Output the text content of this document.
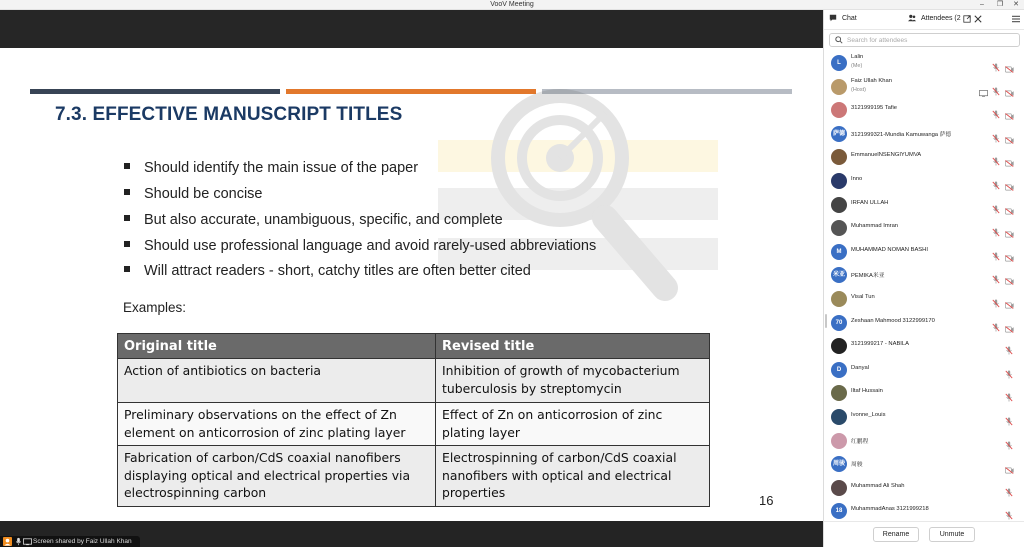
VooV Meeting	–	❐	✕
7.3. EFFECTIVE MANUSCRIPT TITLES
Should identify the main issue of the paper
Should be concise
But also accurate, unambiguous, specific, and complete
Should use professional language and avoid rarely-used abbreviations
Will attract readers - short, catchy titles are often better cited
Examples:
Original title	Revised title
Action of antibiotics on bacteria	Inhibition of growth of mycobacterium tuberculosis by streptomycin
Preliminary observations on the effect of Zn element on anticorrosion of zinc plating layer	Effect of Zn on anticorrosion of zinc plating layer
Fabrication of carbon/CdS coaxial nanofibers displaying optical and electrical properties via electrospinning carbon	Electrospinning of carbon/CdS coaxial nanofibers with optical and electrical properties
16
Screen shared by Faiz Ullah Khan
Chat	Attendees (2
Search for attendees
L
Lalin
(Me)
Faiz Ullah Khan
(Host)
3121999195 Tafie
萨德	3121999321-Mundia Kamuwanga 萨德
EmmanuelNSENGIYUMVA
Inno
IRFAN ULLAH
Muhammad Imran
M	MUHAMMAD NOMAN BASHI
米亚	PEMIKA米亚
Visal Tun
70	Zeshaan Mahmood 3122999170
3121999217 - NABILA
D	Danyal
Iltaf Hussain
Ivonne_Louis
红鹏程
周骏	周骏
Muhammad Ali Shah
18	MuhammadAnas 3121999218
Rename	Unmute
